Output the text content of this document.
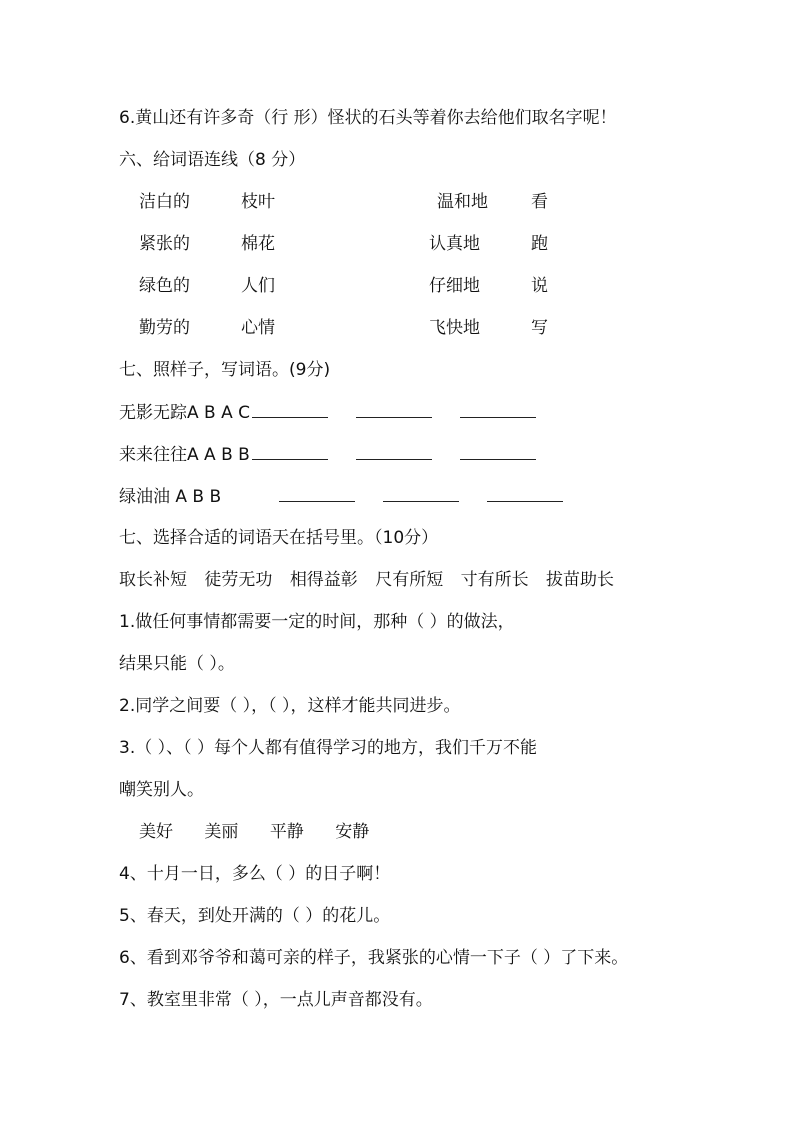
6.黄山还有许多奇（行 形）怪状的石头等着你去给他们取名字呢！
六、给词语连线（8 分）
洁白的	枝叶	温和地	看
紧张的	棉花	认真地	跑
绿色的	人们	仔细地	说
勤劳的	心情	飞快地	写
七、照样子，写词语。(9分)
无影无踪A B A C
来来往往A A B B
绿油油 A B B
七、选择合适的词语天在括号里。（10分）
取长补短 徒劳无功 相得益彰 尺有所短 寸有所长 拔苗助长
1.做任何事情都需要一定的时间，那种（ ）的做法，
结果只能（ ）。
2.同学之间要（ ），（ ），这样才能共同进步。
3.（ ）、（ ）每个人都有值得学习的地方，我们千万不能
嘲笑别人。
美好 美丽 平静 安静
4、十月一日，多么（ ）的日子啊！
5、春天，到处开满的（ ）的花儿。
6、看到邓爷爷和蔼可亲的样子，我紧张的心情一下子（ ）了下来。
7、教室里非常（ ），一点儿声音都没有。
